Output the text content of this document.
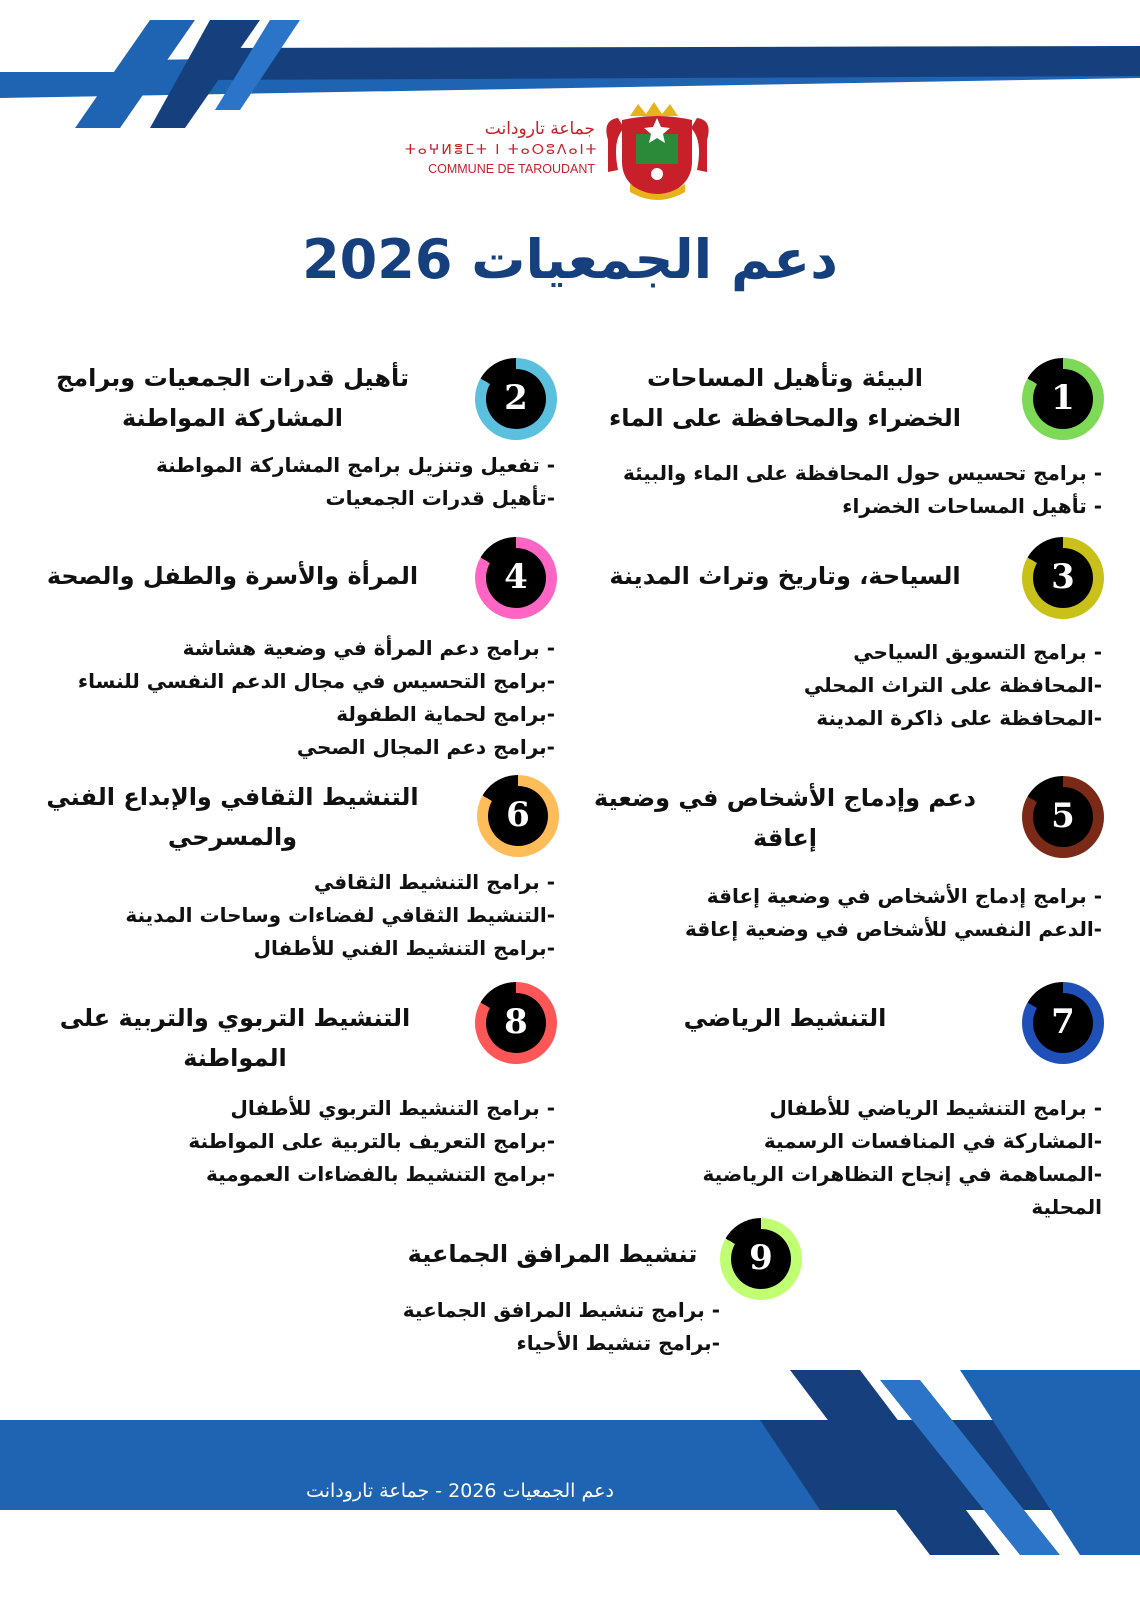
جماعة تارودانت
ⵜⴰⵖⵍⴻⵎⵜ ⵏ ⵜⴰⵔⵓⴷⴰⵏⵜ
COMMUNE DE TAROUDANT
دعم الجمعيات 2026
1
البيئة وتأهيل المساحات
الخضراء والمحافظة على الماء
- برامج تحسيس حول المحافظة على الماء والبيئة
- تأهيل المساحات الخضراء
2
تأهيل قدرات الجمعيات وبرامج
المشاركة المواطنة
- تفعيل وتنزيل برامج المشاركة المواطنة
-تأهيل قدرات الجمعيات
3
السياحة، وتاريخ وتراث المدينة
- برامج التسويق السياحي
-المحافظة على التراث المحلي
-المحافظة على ذاكرة المدينة
4
المرأة والأسرة والطفل والصحة
- برامج دعم المرأة في وضعية هشاشة
-برامج التحسيس في مجال الدعم النفسي للنساء
-برامج لحماية الطفولة
-برامج دعم المجال الصحي
5
دعم وإدماج الأشخاص في وضعية
إعاقة
- برامج إدماج الأشخاص في وضعية إعاقة
-الدعم النفسي للأشخاص في وضعية إعاقة
6
التنشيط الثقافي والإبداع الفني
والمسرحي
- برامج التنشيط الثقافي
-التنشيط الثقافي لفضاءات وساحات المدينة
-برامج التنشيط الفني للأطفال
7
التنشيط الرياضي
- برامج التنشيط الرياضي للأطفال
-المشاركة في المنافسات الرسمية
-المساهمة في إنجاح التظاهرات الرياضية
المحلية
8
التنشيط التربوي والتربية على المواطنة
- برامج التنشيط التربوي للأطفال
-برامج التعريف بالتربية على المواطنة
-برامج التنشيط بالفضاءات العمومية
9
تنشيط المرافق الجماعية
- برامج تنشيط المرافق الجماعية
-برامج تنشيط الأحياء
دعم الجمعيات 2026 - جماعة تارودانت
